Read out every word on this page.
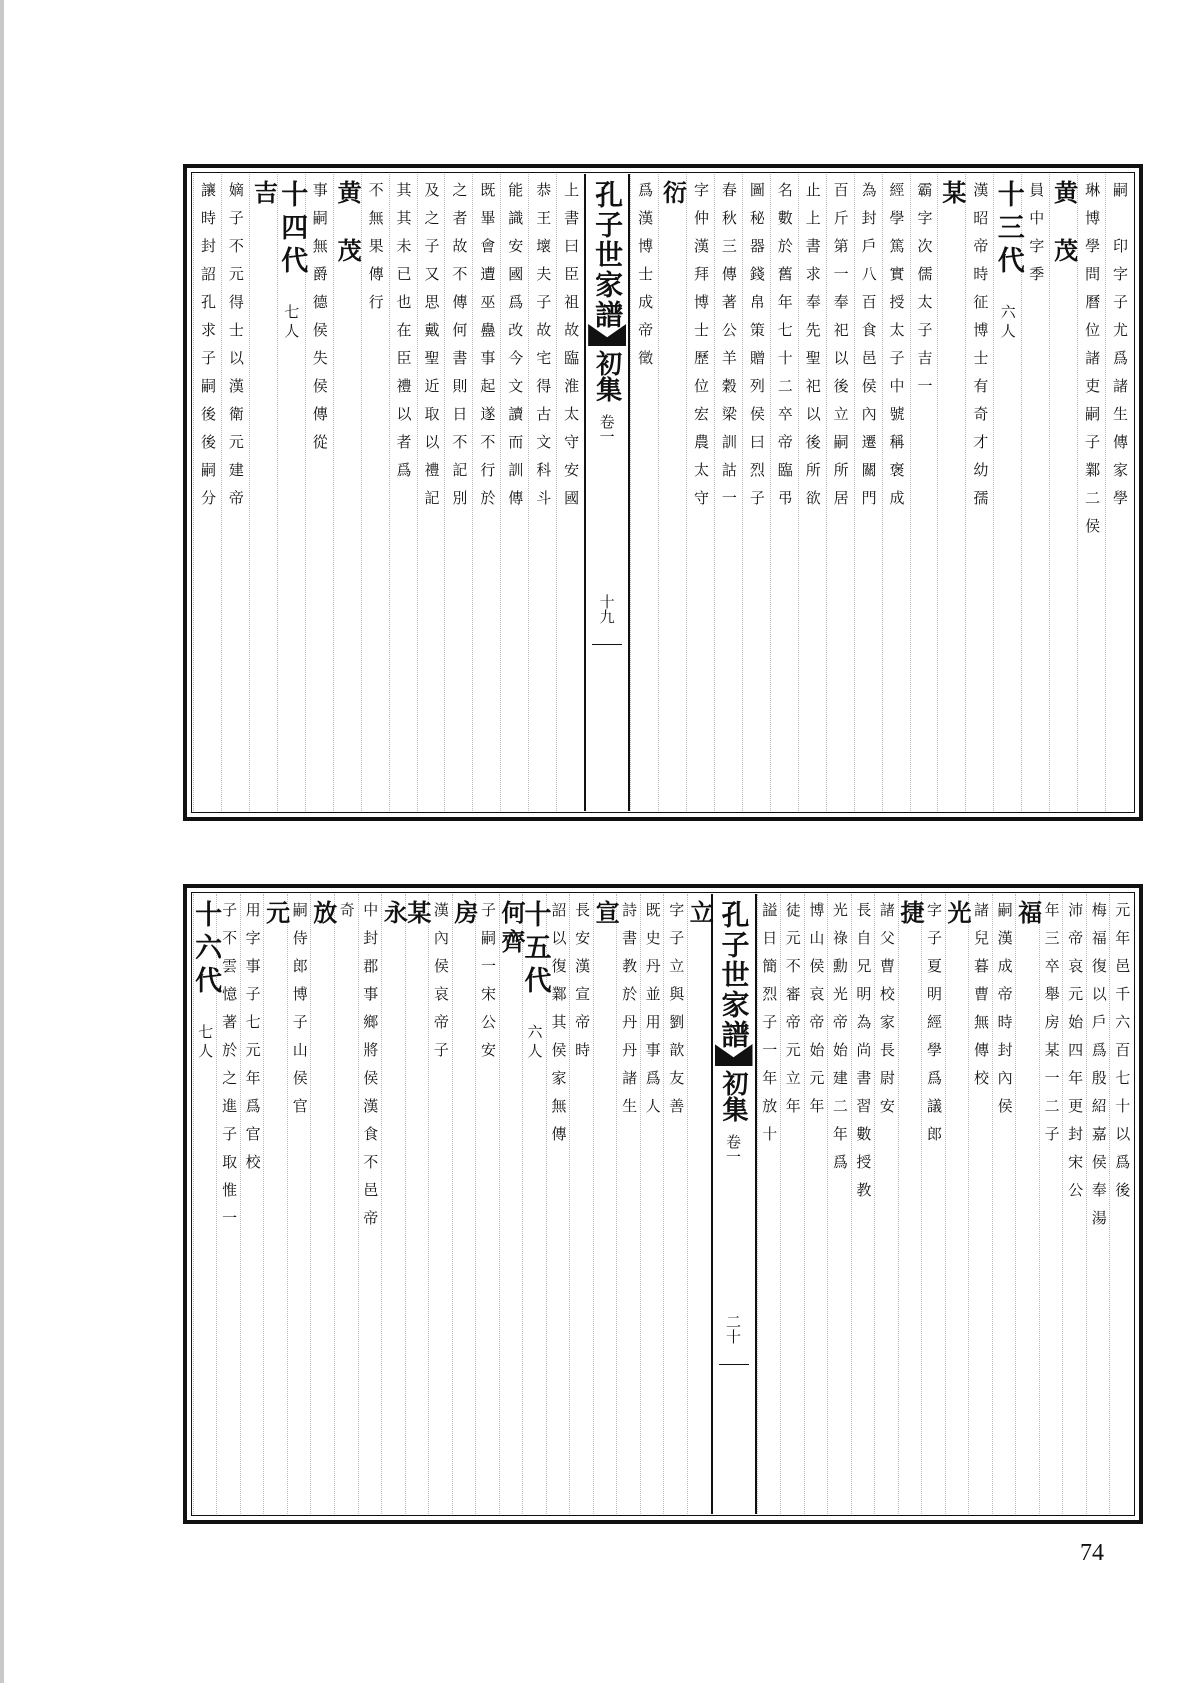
嗣　印字子尤爲諸生傳家學
琳博學問曆位諸吏嗣子鄴二侯
黄　茂
員中字季
十三代
六人
漢昭帝時征博士有奇才幼孺
某
霸字次儒太子吉一
經學篤實授太子中號稱褒成
為封戶八百食邑侯內遷關門
百斤第一奉祀以後立嗣所居
止上書求奉先聖祀以後所欲
名數於舊年七十二卒帝臨弔
圖秘器錢帛策贈列侯曰烈子
春秋三傳著公羊穀梁訓詁一
字仲漢拜博士歷位宏農太守
衍
爲漢博士成帝徵
孔子世家譜
初集
卷一
十九
上書曰臣祖故臨淮太守安國
恭王壞夫子故宅得古文科斗
能識安國爲改今文讀而訓傳
既畢會遭巫蠱事起遂不行於
之者故不傳何書則日不記別
及之子又思戴聖近取以禮記
其其未已也在臣禮以者爲
不無果傳行
黄　茂
事嗣無爵德侯失侯傳從
十四代
七人
吉
嫡子不元得士以漢衛元建帝
讓時封詔孔求子嗣後後嗣分
元年邑千六百七十以爲後
梅福復以戶爲殷紹嘉侯奉湯
沛帝哀元始四年更封宋公
年三卒舉房某一二子
福
嗣漢成帝時封內侯
諸兒暮曹無傳校
光
字子夏明經學爲議郎
捷
諸父曹校家長尉安
長自兄明為尚書習數授教
光祿勳光帝始建二年爲
博山侯哀帝始元年
徒元不審帝元立年
謚日簡烈子一年放十
孔子世家譜
初集
卷一
二十
立
字子立與劉歆友善
既史丹並用事爲人
詩書教於丹丹諸生
宣
長安漢宣帝時
詔以復鄴其侯家無傳
十五代
六人
何齊
子嗣一宋公安
房
漢內侯哀帝子
某
永
中封郡事鄉將侯漢食不邑帝
奇
放
嗣侍郎博子山侯官
元
用字事子七元年爲官校
子不雲憶著於之進子取惟一
十六代
七人
74
